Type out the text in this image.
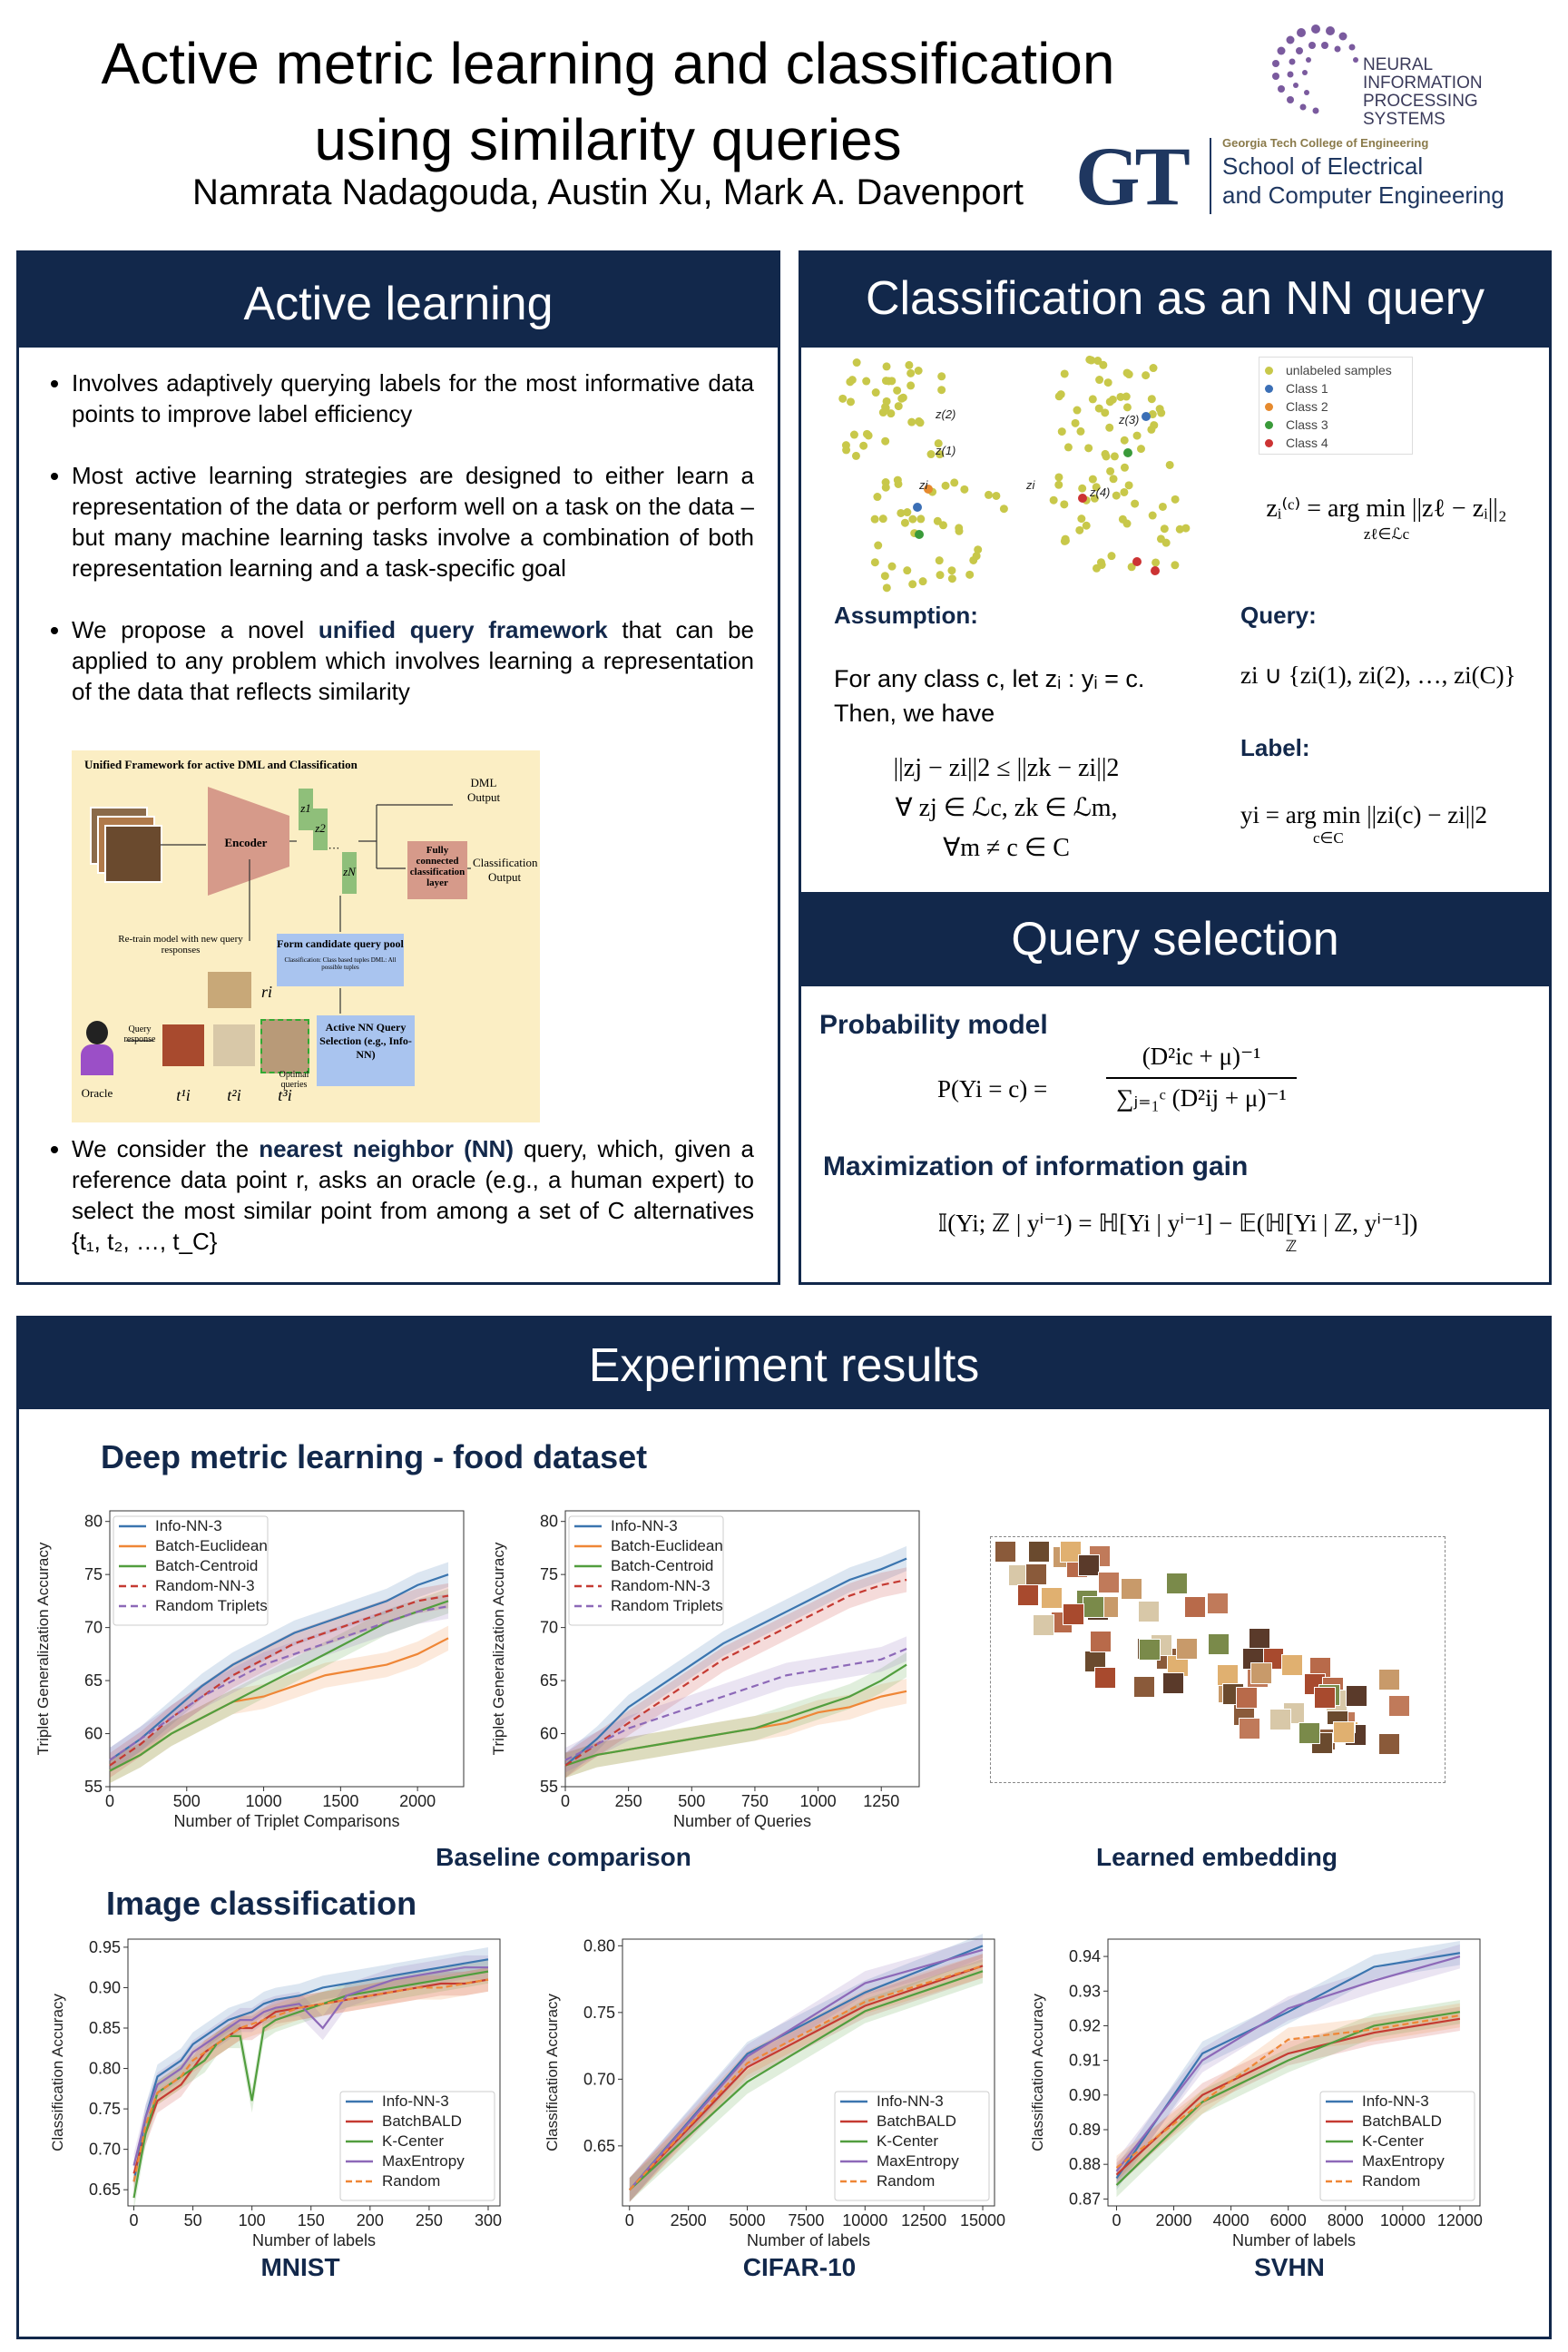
Active metric learning and classification
using similarity queries
Namrata Nadagouda, Austin Xu, Mark A. Davenport
NEURAL INFORMATION PROCESSING SYSTEMS
GT	Georgia Tech College of Engineering
School of Electrical
and Computer Engineering
Active learning
• Involves adaptively querying labels for the most informative data points to improve label efficiency
• Most active learning strategies are designed to either learn a representation of the data or perform well on a task on the data – but many machine learning tasks involve a combination of both representation learning and a task-specific goal
• We propose a novel unified query framework that can be applied to any problem which involves learning a representation of the data that reflects similarity
Unified Framework for active DML and Classification
Encoder
z1
z2
···
zN
DML Output
Fully connected classification layer
Classification Output
Form candidate query pool
Classification: Class based tuples DML: All possible tuples
Re-train model with new query responses
ri
Oracle
Query response
t¹i	t²i	t³i
Optimal queries
Active NN Query Selection (e.g., Info-NN)
• We consider the nearest neighbor (NN) query, which, given a reference data point r, asks an oracle (e.g., a human expert) to select the most similar point from among a set of C alternatives {t₁, t₂, …, t_C}
Classification as an NN query
z(2)
z(1)
zi
z(3)
z(4)
zi
unlabeled samples
Class 1
Class 2
Class 3
Class 4
zᵢ⁽ᶜ⁾ = arg min ||zℓ − zᵢ||₂
zℓ∈ℒc
Assumption:
For any class c, let zᵢ : yᵢ = c.
Then, we have
||zj − zi||2 ≤ ||zk − zi||2
∀ zj ∈ ℒc, zk ∈ ℒm,
∀m ≠ c ∈ C
Query:
zi ∪ {zi(1), zi(2), …, zi(C)}
Label:
yi = arg min ||zi(c) − zi||2
c∈C
Query selection
Probability model
P(Yi = c) =
(D²ic + μ)⁻¹
∑ⱼ₌₁ᶜ (D²ij + μ)⁻¹
Maximization of information gain
𝕀(Yi; ℤ | yⁱ⁻¹) = ℍ[Yi | yⁱ⁻¹] − 𝔼(ℍ[Yi | ℤ, yⁱ⁻¹])
ℤ
Experiment results
Deep metric learning - food dataset
0	500	1000 1500 2000
55
60
65
70
75
80
Number of Triplet Comparisons
Triplet Generalization Accuracy
Info-NN-3
Batch-Euclidean
Batch-Centroid
Random-NN-3
Random Triplets
0	250 500 750 1000 1250
55
60
65
70
75
80
Number of Queries
Triplet Generalization Accuracy
Info-NN-3
Batch-Euclidean
Batch-Centroid
Random-NN-3
Random Triplets
Baseline comparison	Learned embedding
Image classification
0	50 100 150 200 250 300
0.65
0.70
0.75
0.80
0.85
0.90
0.95
Number of labels
Classification Accuracy	Info-NN-3
BatchBALD
K-Center
MaxEntropy
Random
0 2500 5000 7500 10000 12500 15000
0.65
0.70
0.75
0.80
Number of labels
Classification Accuracy	Info-NN-3
BatchBALD
K-Center
MaxEntropy
Random
0 2000 4000 6000 8000 10000 12000
0.87
0.88
0.89
0.90
0.91
0.92
0.93
0.94
Number of labels
Classification Accuracy	Info-NN-3
BatchBALD
K-Center
MaxEntropy
Random
MNIST	CIFAR-10	SVHN
